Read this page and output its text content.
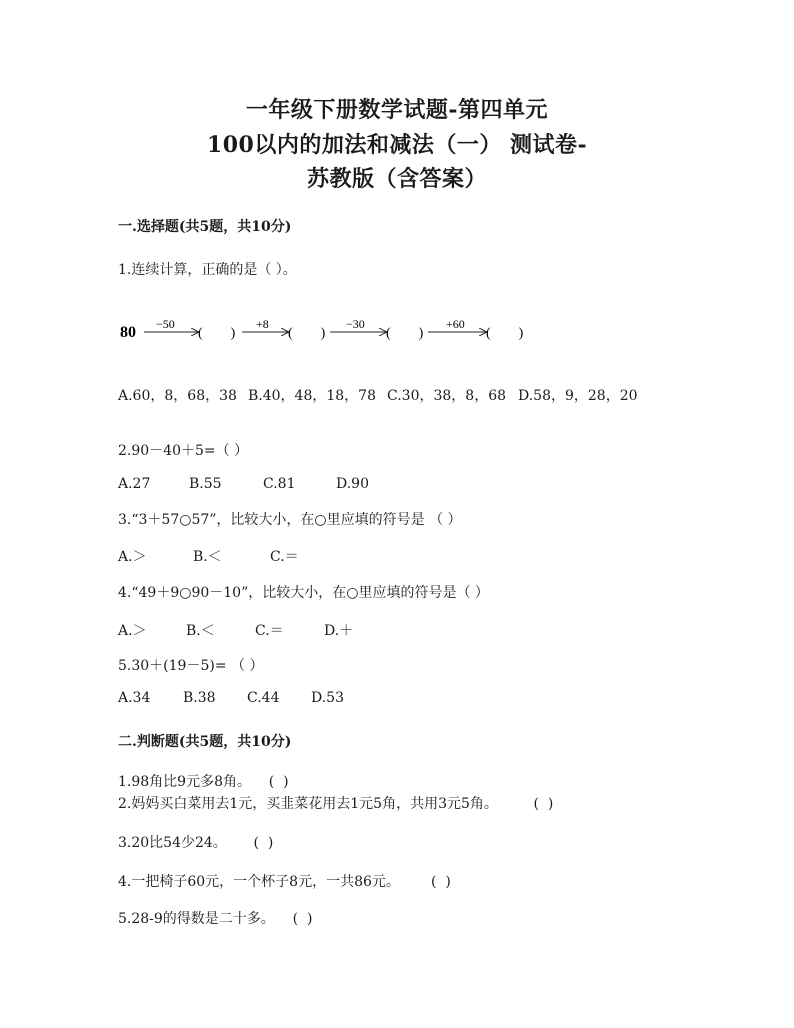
一年级下册数学试题-第四单元
100以内的加法和减法（一） 测试卷-
苏教版（含答案）
一.选择题(共5题，共10分)
1.连续计算，正确的是（ ）。
80 −50
(        )
+8
(        )
−30
(        )
+60
(        )
A.60，8，68，38 B.40，48，18，78 C.30，38，8，68 D.58，9，28，20
2.90－40＋5=（ ）
A.27	B.55	C.81	D.90
3.“3＋57○57”，比较大小，在○里应填的符号是 （ ）
A.＞	B.＜	C.＝
4.“49＋9○90－10”，比较大小，在○里应填的符号是（ ）
A.＞	B.＜	C.＝	D.＋
5.30＋(19－5)= （ ）
A.34 B.38 C.44 D.53
二.判断题(共5题，共10分)
1.98角比9元多8角。    (  )
2.妈妈买白菜用去1元，买韭菜花用去1元5角，共用3元5角。        (  )
3.20比54少24。      (  )
4.一把椅子60元，一个杯子8元，一共86元。       (  )
5.28-9的得数是二十多。    (  )
